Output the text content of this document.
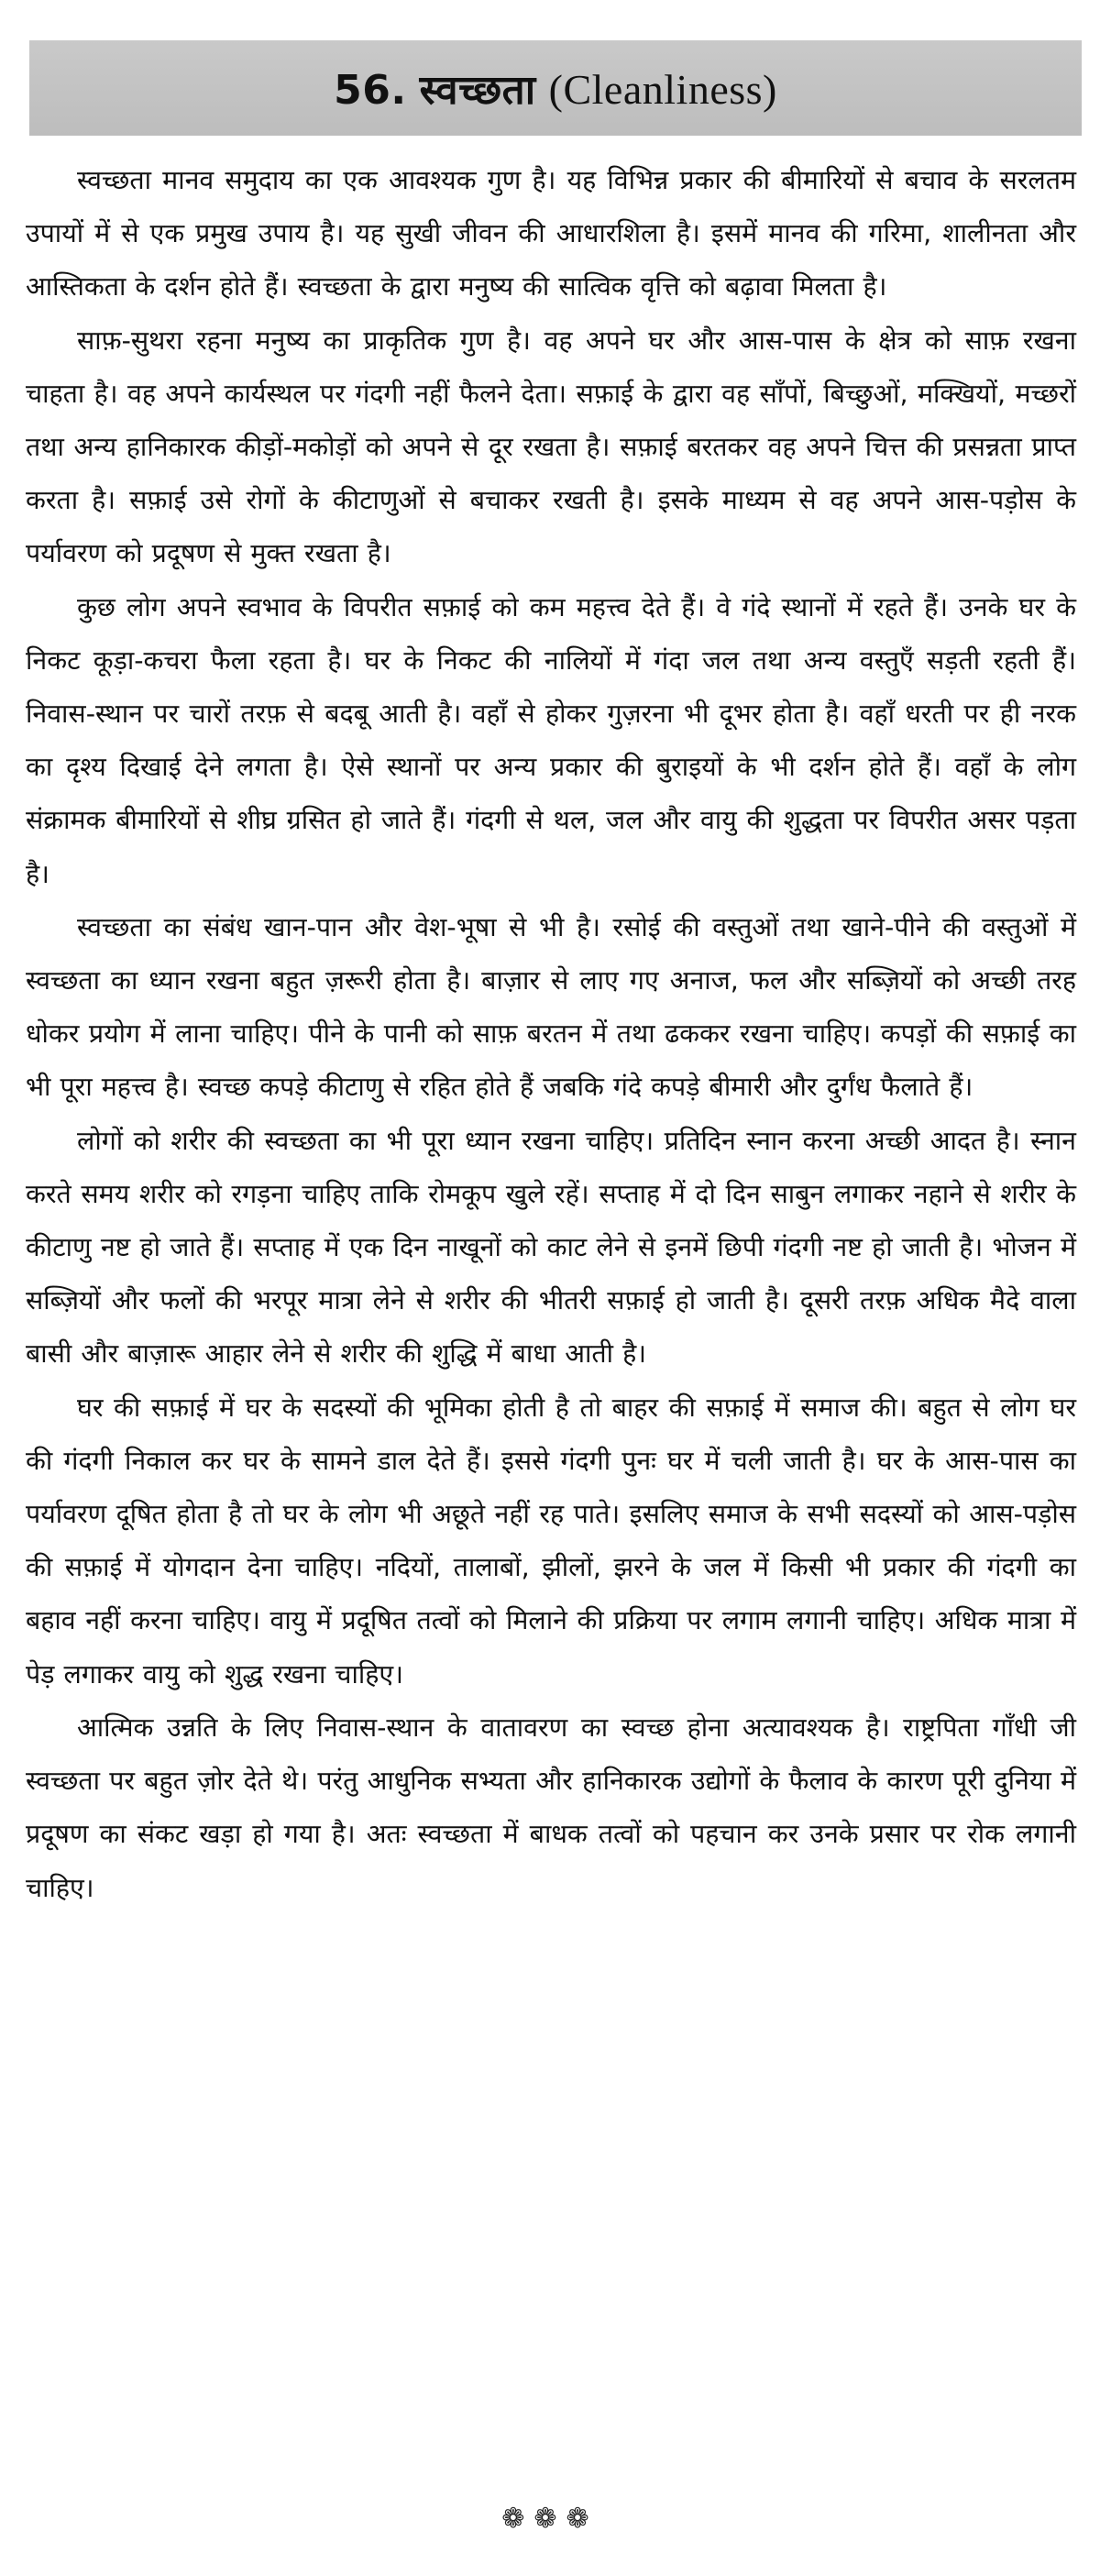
56. स्वच्छता (Cleanliness)

स्वच्छता मानव समुदाय का एक आवश्यक गुण है। यह विभिन्न प्रकार की बीमारियों से बचाव के सरलतम उपायों में से एक प्रमुख उपाय है। यह सुखी जीवन की आधारशिला है। इसमें मानव की गरिमा, शालीनता और आस्तिकता के दर्शन होते हैं। स्वच्छता के द्वारा मनुष्य की सात्विक वृत्ति को बढ़ावा मिलता है।

साफ़-सुथरा रहना मनुष्य का प्राकृतिक गुण है। वह अपने घर और आस-पास के क्षेत्र को साफ़ रखना चाहता है। वह अपने कार्यस्थल पर गंदगी नहीं फैलने देता। सफ़ाई के द्वारा वह साँपों, बिच्छुओं, मक्खियों, मच्छरों तथा अन्य हानिकारक कीड़ों-मकोड़ों को अपने से दूर रखता है। सफ़ाई बरतकर वह अपने चित्त की प्रसन्नता प्राप्त करता है। सफ़ाई उसे रोगों के कीटाणुओं से बचाकर रखती है। इसके माध्यम से वह अपने आस-पड़ोस के पर्यावरण को प्रदूषण से मुक्त रखता है।

कुछ लोग अपने स्वभाव के विपरीत सफ़ाई को कम महत्त्व देते हैं। वे गंदे स्थानों में रहते हैं। उनके घर के निकट कूड़ा-कचरा फैला रहता है। घर के निकट की नालियों में गंदा जल तथा अन्य वस्तुएँ सड़ती रहती हैं। निवास-स्थान पर चारों तरफ़ से बदबू आती है। वहाँ से होकर गुज़रना भी दूभर होता है। वहाँ धरती पर ही नरक का दृश्य दिखाई देने लगता है। ऐसे स्थानों पर अन्य प्रकार की बुराइयों के भी दर्शन होते हैं। वहाँ के लोग संक्रामक बीमारियों से शीघ्र ग्रसित हो जाते हैं। गंदगी से थल, जल और वायु की शुद्धता पर विपरीत असर पड़ता है।

स्वच्छता का संबंध खान-पान और वेश-भूषा से भी है। रसोई की वस्तुओं तथा खाने-पीने की वस्तुओं में स्वच्छता का ध्यान रखना बहुत ज़रूरी होता है। बाज़ार से लाए गए अनाज, फल और सब्ज़ियों को अच्छी तरह धोकर प्रयोग में लाना चाहिए। पीने के पानी को साफ़ बरतन में तथा ढककर रखना चाहिए। कपड़ों की सफ़ाई का भी पूरा महत्त्व है। स्वच्छ कपड़े कीटाणु से रहित होते हैं जबकि गंदे कपड़े बीमारी और दुर्गंध फैलाते हैं।

लोगों को शरीर की स्वच्छता का भी पूरा ध्यान रखना चाहिए। प्रतिदिन स्नान करना अच्छी आदत है। स्नान करते समय शरीर को रगड़ना चाहिए ताकि रोमकूप खुले रहें। सप्ताह में दो दिन साबुन लगाकर नहाने से शरीर के कीटाणु नष्ट हो जाते हैं। सप्ताह में एक दिन नाखूनों को काट लेने से इनमें छिपी गंदगी नष्ट हो जाती है। भोजन में सब्ज़ियों और फलों की भरपूर मात्रा लेने से शरीर की भीतरी सफ़ाई हो जाती है। दूसरी तरफ़ अधिक मैदे वाला बासी और बाज़ारू आहार लेने से शरीर की शुद्धि में बाधा आती है।

घर की सफ़ाई में घर के सदस्यों की भूमिका होती है तो बाहर की सफ़ाई में समाज की। बहुत से लोग घर की गंदगी निकाल कर घर के सामने डाल देते हैं। इससे गंदगी पुनः घर में चली जाती है। घर के आस-पास का पर्यावरण दूषित होता है तो घर के लोग भी अछूते नहीं रह पाते। इसलिए समाज के सभी सदस्यों को आस-पड़ोस की सफ़ाई में योगदान देना चाहिए। नदियों, तालाबों, झीलों, झरने के जल में किसी भी प्रकार की गंदगी का बहाव नहीं करना चाहिए। वायु में प्रदूषित तत्वों को मिलाने की प्रक्रिया पर लगाम लगानी चाहिए। अधिक मात्रा में पेड़ लगाकर वायु को शुद्ध रखना चाहिए।

आत्मिक उन्नति के लिए निवास-स्थान के वातावरण का स्वच्छ होना अत्यावश्यक है। राष्ट्रपिता गाँधी जी स्वच्छता पर बहुत ज़ोर देते थे। परंतु आधुनिक सभ्यता और हानिकारक उद्योगों के फैलाव के कारण पूरी दुनिया में प्रदूषण का संकट खड़ा हो गया है। अतः स्वच्छता में बाधक तत्वों को पहचान कर उनके प्रसार पर रोक लगानी चाहिए।

❁❁❁
